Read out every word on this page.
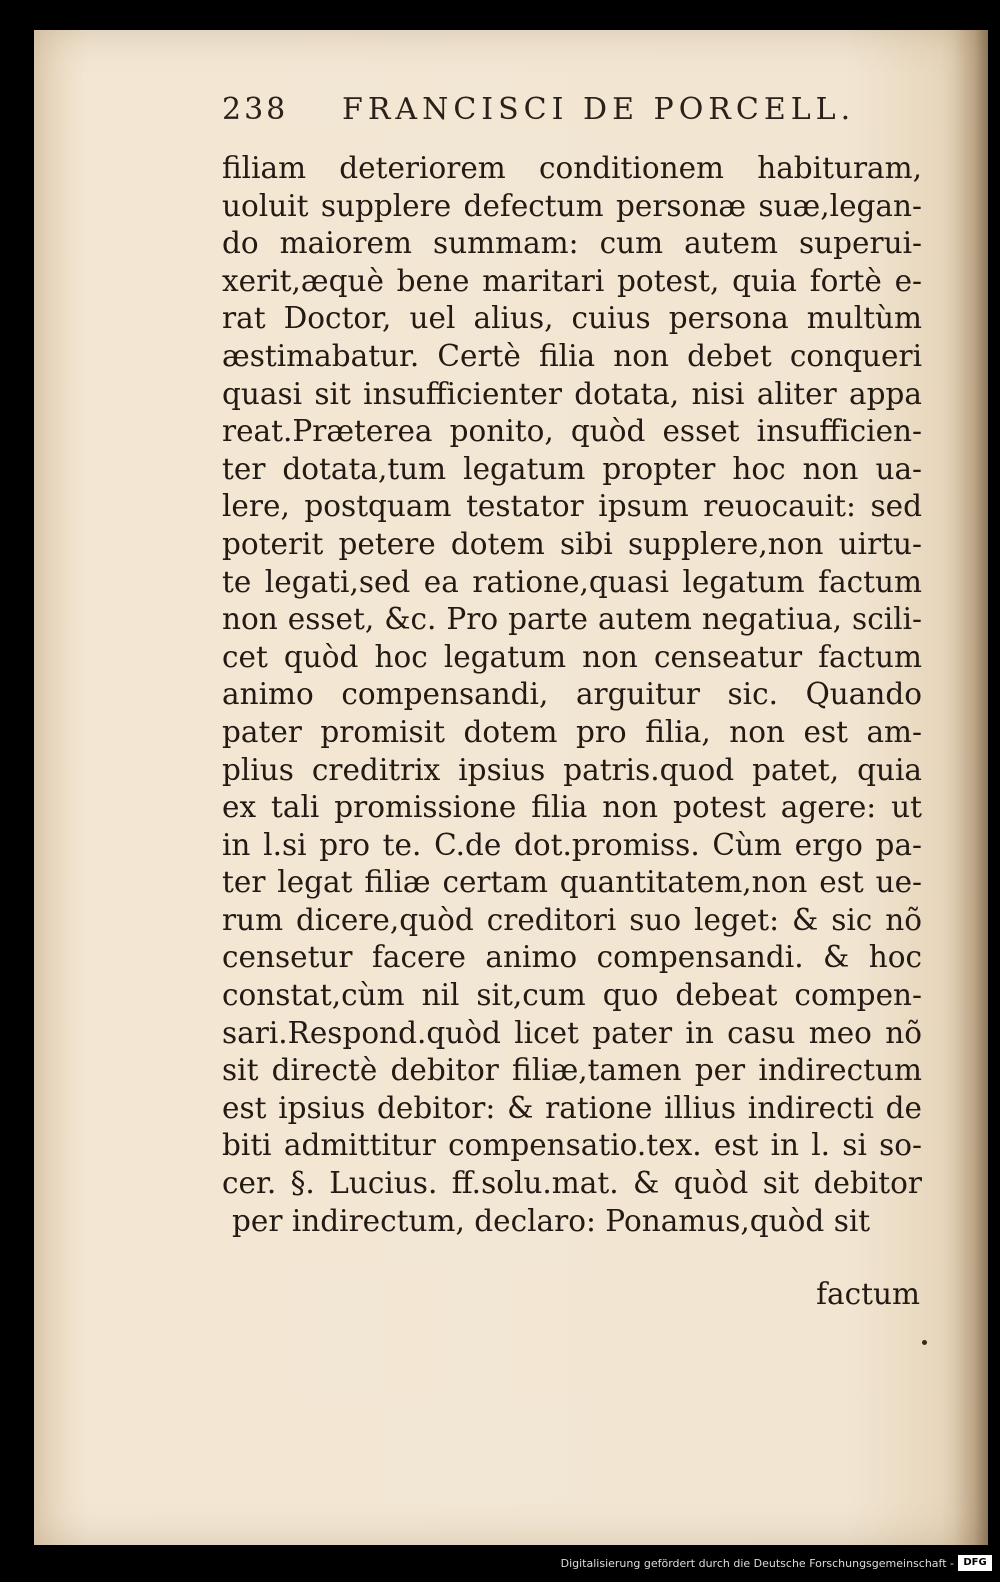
238 FRANCISCI DE PORCELL.
filiam deteriorem conditionem habituram,
uoluit supplere defectum personæ suæ,legan-
do maiorem summam: cum autem superui-
xerit,æquè bene maritari potest, quia fortè e-
rat Doctor, uel alius, cuius persona multùm
æstimabatur. Certè filia non debet conqueri
quasi sit insufficienter dotata, nisi aliter appa
reat.Præterea ponito, quòd esset insufficien-
ter dotata,tum legatum propter hoc non ua-
lere, postquam testator ipsum reuocauit: sed
poterit petere dotem sibi supplere,non uirtu-
te legati,sed ea ratione,quasi legatum factum
non esset, &c. Pro parte autem negatiua, scili-
cet quòd hoc legatum non censeatur factum
animo compensandi, arguitur sic. Quando
pater promisit dotem pro filia, non est am-
plius creditrix ipsius patris.quod patet, quia
ex tali promissione filia non potest agere: ut
in l.si pro te. C.de dot.promiss. Cùm ergo pa-
ter legat filiæ certam quantitatem,non est ue-
rum dicere,quòd creditori suo leget: & sic nõ
censetur facere animo compensandi. & hoc
constat,cùm nil sit,cum quo debeat compen-
sari.Respond.quòd licet pater in casu meo nõ
sit directè debitor filiæ,tamen per indirectum
est ipsius debitor: & ratione illius indirecti de
biti admittitur compensatio.tex. est in l. si so-
cer. §. Lucius. ff.solu.mat. & quòd sit debitor
per indirectum, declaro: Ponamus,quòd sit
factum
Digitalisierung gefördert durch die Deutsche Forschungsgemeinschaft - DFG
